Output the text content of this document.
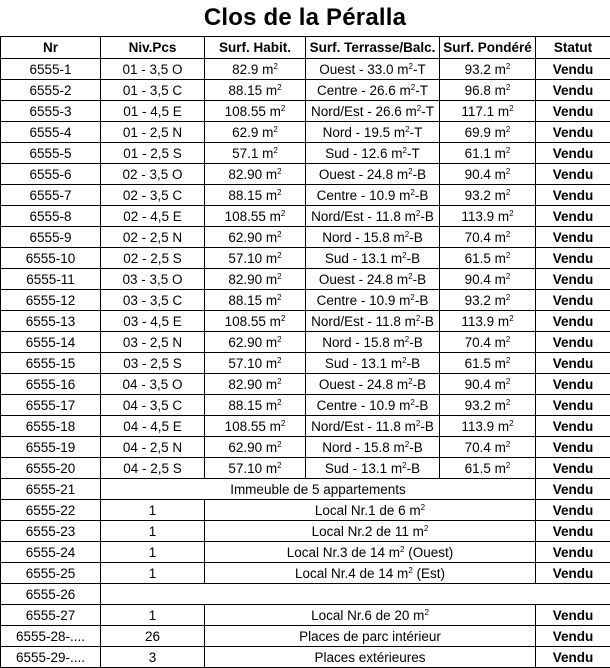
Clos de la Péralla
Nr	Niv.Pcs	Surf. Habit.	Surf. Terrasse/Balc.	Surf. Pondéré	Statut
6555-1	01 - 3,5 O	82.9 $m^2$	Ouest - 33.0 $m^2-T$	93.2 $m^2$	Vendu
6555-2	01 - 3,5 C	88.15 $m^2$	Centre - 26.6 $m^2-T$	96.8 $m^2$	Vendu
6555-3	01 - 4,5 E	108.55 $m^2$	Nord/Est - 26.6 $m^2-T$	117.1 $m^2$	Vendu
6555-4	01 - 2,5 N	62.9 $m^2$	Nord - 19.5 $m^2-T$	69.9 $m^2$	Vendu
6555-5	01 - 2,5 S	57.1 $m^2$	Sud - 12.6 $m^2-T$	61.1 $m^2$	Vendu
6555-6	02 - 3,5 O	82.90 $m^2$	Ouest - 24.8 $m^2-B$	90.4 $m^2$	Vendu
6555-7	02 - 3,5 C	88.15 $m^2$	Centre - 10.9 $m^2-B$	93.2 $m^2$	Vendu
6555-8	02 - 4,5 E	108.55 $m^2$	Nord/Est - 11.8 $m^2-B$	113.9 $m^2$	Vendu
6555-9	02 - 2,5 N	62.90 $m^2$	Nord - 15.8 $m^2-B$	70.4 $m^2$	Vendu
6555-10	02 - 2,5 S	57.10 $m^2$	Sud - 13.1 $m^2-B$	61.5 $m^2$	Vendu
6555-11	03 - 3,5 O	82.90 $m^2$	Ouest - 24.8 $m^2-B$	90.4 $m^2$	Vendu
6555-12	03 - 3,5 C	88.15 $m^2$	Centre - 10.9 $m^2-B$	93.2 $m^2$	Vendu
6555-13	03 - 4,5 E	108.55 $m^2$	Nord/Est - 11.8 $m^2-B$	113.9 $m^2$	Vendu
6555-14	03 - 2,5 N	62.90 $m^2$	Nord - 15.8 $m^2-B$	70.4 $m^2$	Vendu
6555-15	03 - 2,5 S	57.10 $m^2$	Sud - 13.1 $m^2-B$	61.5 $m^2$	Vendu
6555-16	04 - 3,5 O	82.90 $m^2$	Ouest - 24.8 $m^2-B$	90.4 $m^2$	Vendu
6555-17	04 - 3,5 C	88.15 $m^2$	Centre - 10.9 $m^2-B$	93.2 $m^2$	Vendu
6555-18	04 - 4,5 E	108.55 $m^2$	Nord/Est - 11.8 $m^2-B$	113.9 $m^2$	Vendu
6555-19	04 - 2,5 N	62.90 $m^2$	Nord - 15.8 $m^2-B$	70.4 $m^2$	Vendu
6555-20	04 - 2,5 S	57.10 $m^2$	Sud - 13.1 $m^2-B$	61.5 $m^2$	Vendu
6555-21	Immeuble de 5 appartements				Vendu
6555-22	1	Local Nr.1 de 6 $m^2$			Vendu
6555-23	1	Local Nr.2 de 11 $m^2$			Vendu
6555-24	1	Local Nr.3 de 14 $m^2$ (Ouest)			Vendu
6555-25	1	Local Nr.4 de 14 $m^2$ (Est)			Vendu
6555-26					
6555-27	1	Local Nr.6 de 20 $m^2$			Vendu
6555-28-....	26	Places de parc intérieur			Vendu
6555-29-....	3	Places extérieures			Vendu
